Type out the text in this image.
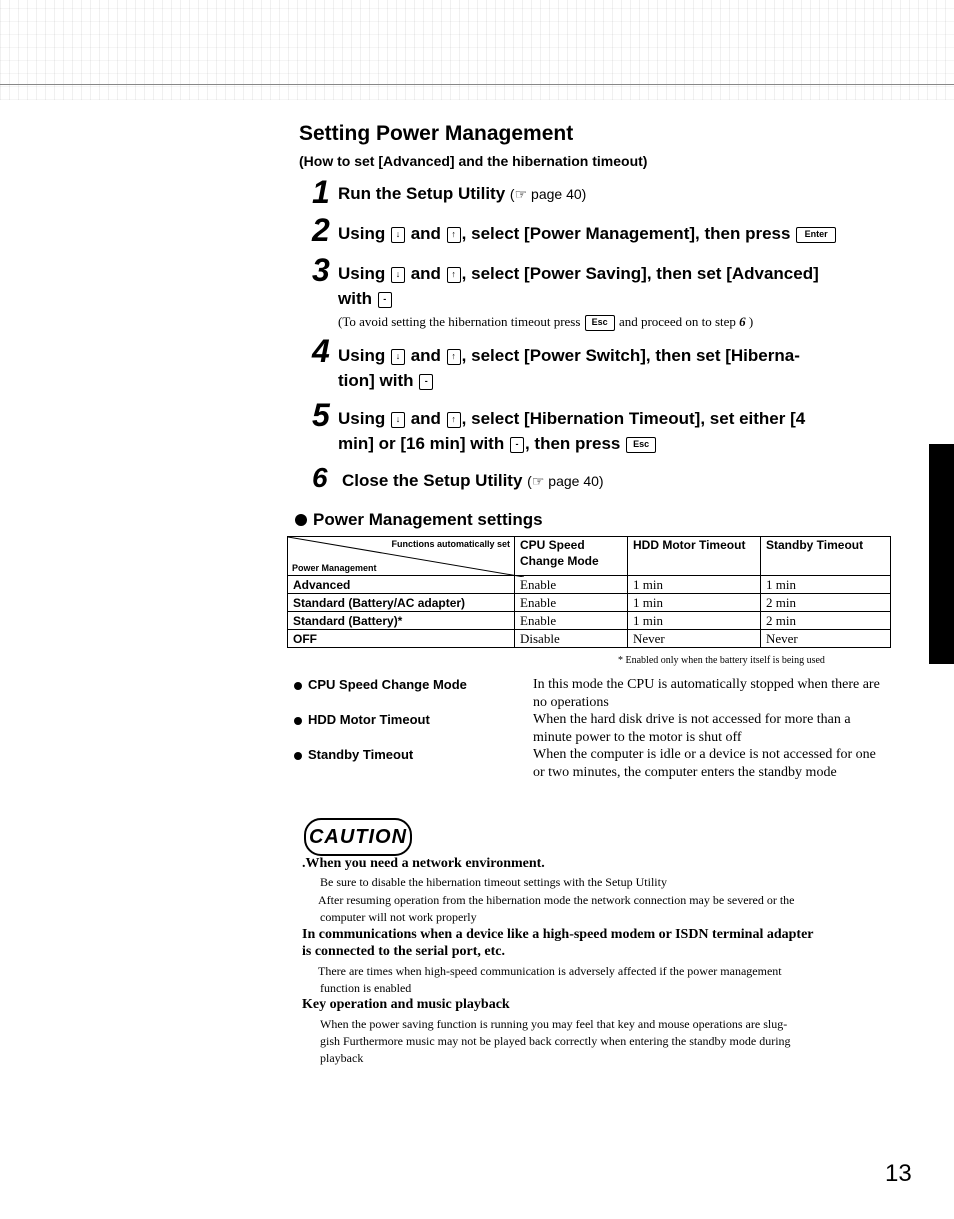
Setting Power Management
(How to set [Advanced] and the hibernation timeout)
1 Run the Setup Utility (☞ page 40)
2 Using ↓ and ↑ , select [Power Management], then press Enter
3 Using ↓ and ↑ , select [Power Saving], then set [Advanced]
with -
(To avoid setting the hibernation timeout press Esc and proceed on to step 6 )
4 Using ↓ and ↑ , select [Power Switch], then set [Hiberna-
tion] with -
5 Using ↓ and ↑ , select [Hibernation Timeout], set either [4
min] or [16 min] with - , then press Esc
6 Close the Setup Utility (☞ page 40)
Power Management settings
Functions automatically set
Power Management	CPU Speed Change Mode	HDD Motor Timeout	Standby Timeout
Advanced	Enable	1 min	1 min
Standard (Battery/AC adapter)	Enable	1 min	2 min
Standard (Battery)*	Enable	1 min	2 min
OFF	Disable	Never	Never
* Enabled only when the battery itself is being used
CPU Speed Change Mode	In this mode the CPU is automatically stopped when there are no operations
HDD Motor Timeout	When the hard disk drive is not accessed for more than a minute power to the motor is shut off
Standby Timeout	When the computer is idle or a device is not accessed for one or two minutes, the computer enters the standby mode
CAUTION
.When you need a network environment.
Be sure to disable the hibernation timeout settings with the Setup Utility
After resuming operation from the hibernation mode the network connection may be severed or the
computer will not work properly
In communications when a device like a high-speed modem or ISDN terminal adapter
is connected to the serial port, etc.
There are times when high-speed communication is adversely affected if the power management
function is enabled
Key operation and music playback
When the power saving function is running you may feel that key and mouse operations are slug-
gish Furthermore music may not be played back correctly when entering the standby mode during
playback
13
